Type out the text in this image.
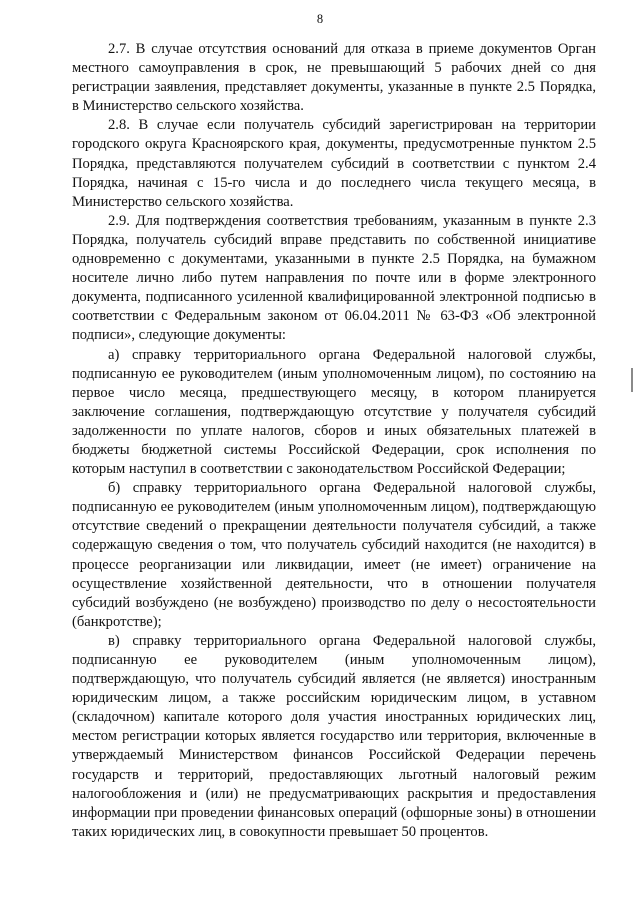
8

2.7. В случае отсутствия оснований для отказа в приеме документов Орган местного самоуправления в срок, не превышающий 5 рабочих дней со дня регистрации заявления, представляет документы, указанные в пункте 2.5 Порядка, в Министерство сельского хозяйства.

2.8. В случае если получатель субсидий зарегистрирован на территории городского округа Красноярского края, документы, предусмотренные пунктом 2.5 Порядка, представляются получателем субсидий в соответствии с пунктом 2.4 Порядка, начиная с 15-го числа и до последнего числа текущего месяца, в Министерство сельского хозяйства.

2.9. Для подтверждения соответствия требованиям, указанным в пункте 2.3 Порядка, получатель субсидий вправе представить по собственной инициативе одновременно с документами, указанными в пункте 2.5 Порядка, на бумажном носителе лично либо путем направления по почте или в форме электронного документа, подписанного усиленной квалифицированной электронной подписью в соответствии с Федеральным законом от 06.04.2011 № 63-ФЗ «Об электронной подписи», следующие документы:

а) справку территориального органа Федеральной налоговой службы, подписанную ее руководителем (иным уполномоченным лицом), по состоянию на первое число месяца, предшествующего месяцу, в котором планируется заключение соглашения, подтверждающую отсутствие у получателя субсидий задолженности по уплате налогов, сборов и иных обязательных платежей в бюджеты бюджетной системы Российской Федерации, срок исполнения по которым наступил в соответствии с законодательством Российской Федерации;

б) справку территориального органа Федеральной налоговой службы, подписанную ее руководителем (иным уполномоченным лицом), подтверждающую отсутствие сведений о прекращении деятельности получателя субсидий, а также содержащую сведения о том, что получатель субсидий находится (не находится) в процессе реорганизации или ликвидации, имеет (не имеет) ограничение на осуществление хозяйственной деятельности, что в отношении получателя субсидий возбуждено (не возбуждено) производство по делу о несостоятельности (банкротстве);

в) справку территориального органа Федеральной налоговой службы, подписанную ее руководителем (иным уполномоченным лицом), подтверждающую, что получатель субсидий является (не является) иностранным юридическим лицом, а также российским юридическим лицом, в уставном (складочном) капитале которого доля участия иностранных юридических лиц, местом регистрации которых является государство или территория, включенные в утверждаемый Министерством финансов Российской Федерации перечень государств и территорий, предоставляющих льготный налоговый режим налогообложения и (или) не предусматривающих раскрытия и предоставления информации при проведении финансовых операций (офшорные зоны) в отношении таких юридических лиц, в совокупности превышает 50 процентов.
